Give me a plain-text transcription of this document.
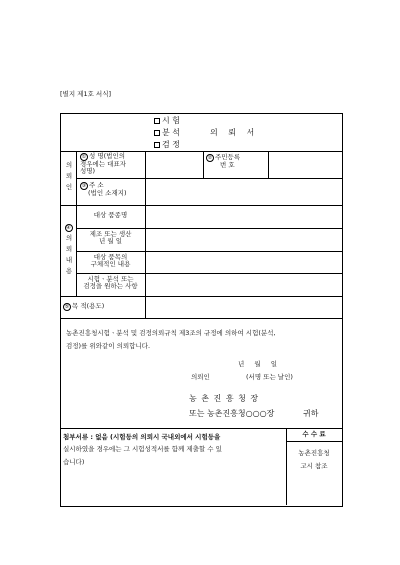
[별지 제1호 서식]
시 험
분 석
검 정
의 뢰 서
의
뢰
인
① 성 명(법인의
경우에는 대표자
성명)
② 주민등록
번 호
③ 주 소
(법인 소재지)
④
의
뢰
내
용
대상 품종명
제조 또는 생산
년 월 일
대상 품목의
구체적인 내용
시험ㆍ분석 또는
검정을 원하는 사항
⑤ 목 적(용도)
농촌진흥청시험ㆍ분석 및 검정의뢰규칙 제3조의 규정에 의하여 시험(분석,
검정)를 위와같이 의뢰합니다.
년 월 일
의뢰인	(서명 또는 날인)
농 촌 진 흥 청 장
또는 농촌진흥청○○○장	귀하
첨부서류 : 없음 (시험등의 의뢰시 국내외에서 시험등을
실시하였을 경우에는 그 시험성적서를 함께 제출할 수 있
습니다)
수 수 료
농촌진흥청
고시 참조
